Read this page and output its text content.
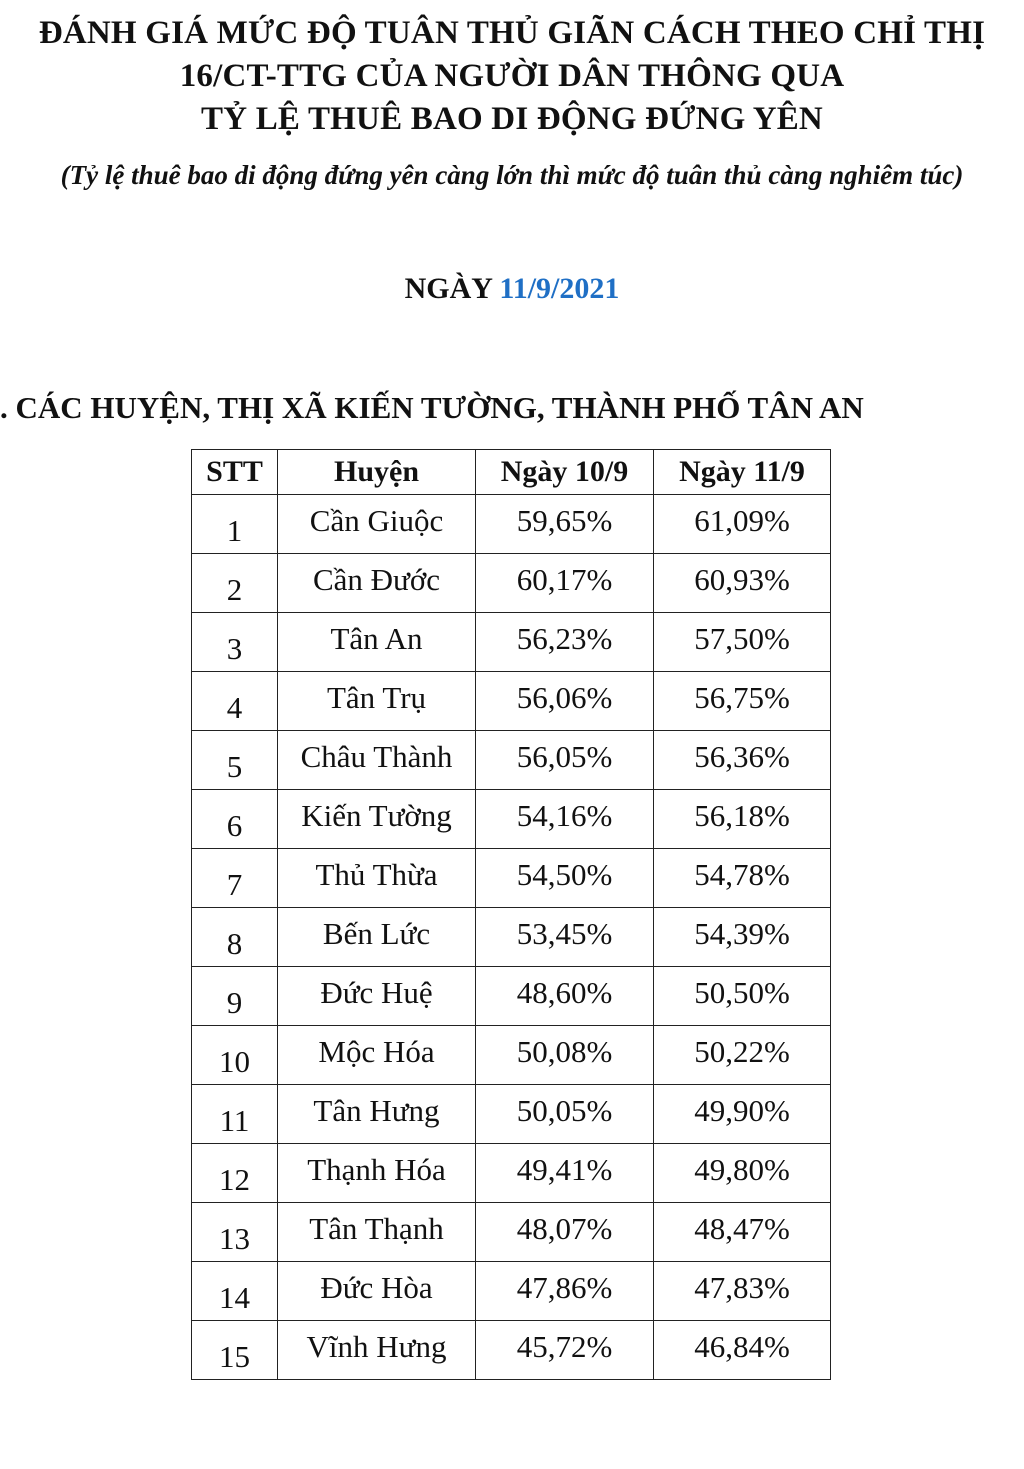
ĐÁNH GIÁ MỨC ĐỘ TUÂN THỦ GIÃN CÁCH THEO CHỈ THỊ
16/CT-TTG CỦA NGƯỜI DÂN THÔNG QUA
TỶ LỆ THUÊ BAO DI ĐỘNG ĐỨNG YÊN
(Tỷ lệ thuê bao di động đứng yên càng lớn thì mức độ tuân thủ càng nghiêm túc)
NGÀY 11/9/2021
. CÁC HUYỆN, THỊ XÃ KIẾN TƯỜNG, THÀNH PHỐ TÂN AN
STT	Huyện	Ngày 10/9	Ngày 11/9
1	Cần Giuộc	59,65%	61,09%
2	Cần Đước	60,17%	60,93%
3	Tân An	56,23%	57,50%
4	Tân Trụ	56,06%	56,75%
5	Châu Thành	56,05%	56,36%
6	Kiến Tường	54,16%	56,18%
7	Thủ Thừa	54,50%	54,78%
8	Bến Lức	53,45%	54,39%
9	Đức Huệ	48,60%	50,50%
10	Mộc Hóa	50,08%	50,22%
11	Tân Hưng	50,05%	49,90%
12	Thạnh Hóa	49,41%	49,80%
13	Tân Thạnh	48,07%	48,47%
14	Đức Hòa	47,86%	47,83%
15	Vĩnh Hưng	45,72%	46,84%
